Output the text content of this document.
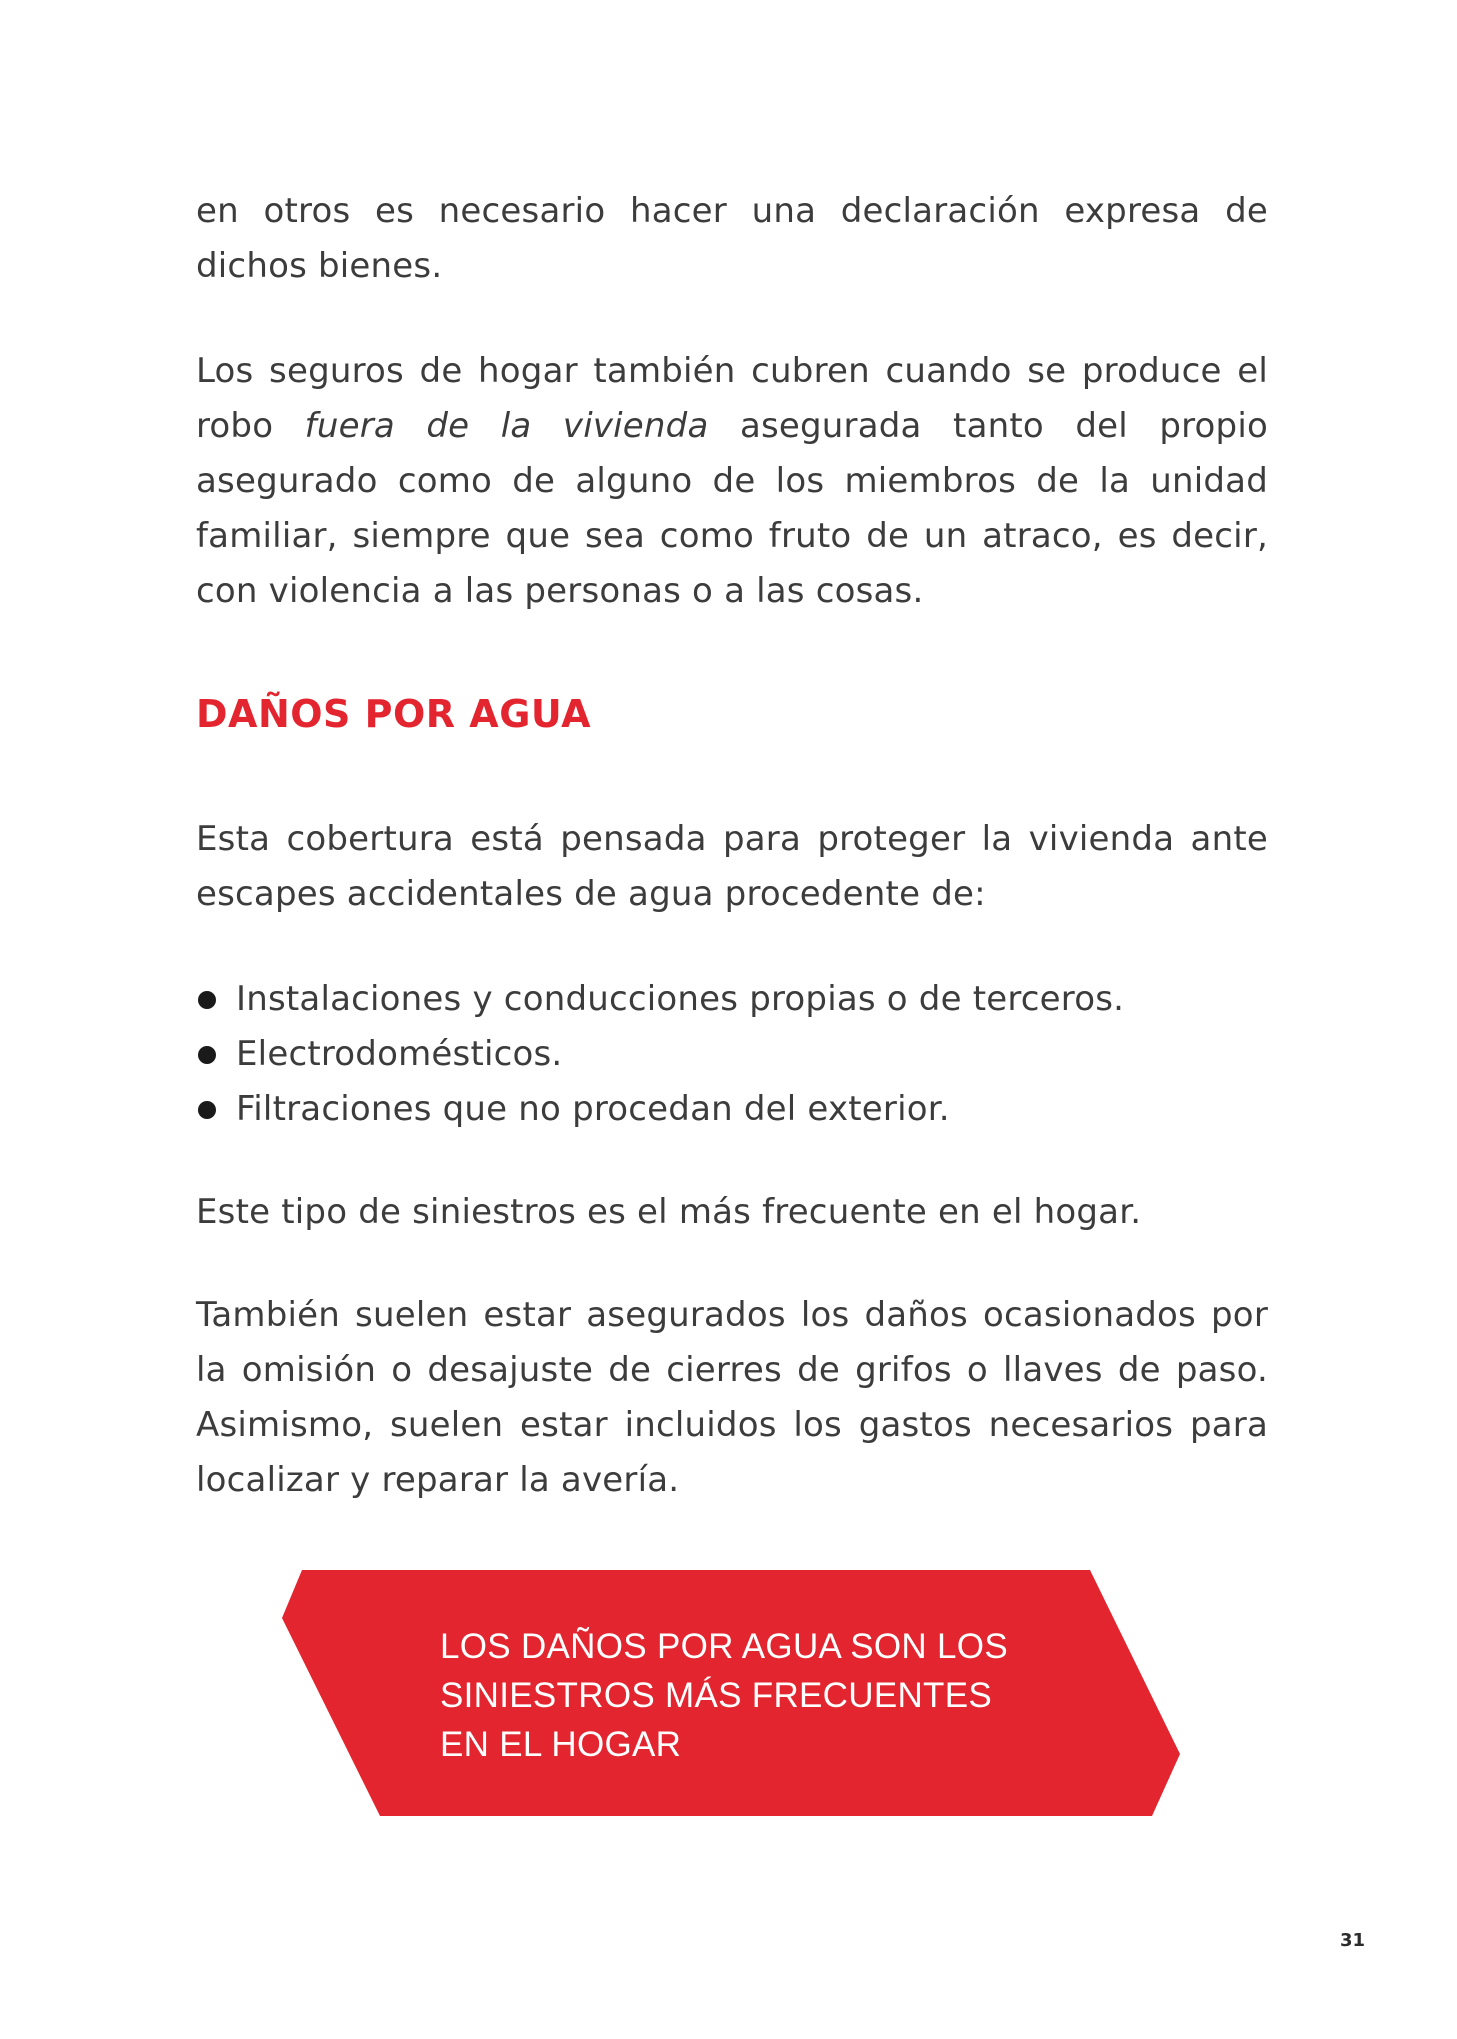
en otros es necesario hacer una declaración expresa de dichos bienes.

Los seguros de hogar también cubren cuando se produce el robo fuera de la vivienda asegurada tanto del propio asegurado como de alguno de los miembros de la unidad familiar, siempre que sea como fruto de un atraco, es decir, con violencia a las personas o a las cosas.

DAÑOS POR AGUA

Esta cobertura está pensada para proteger la vivienda ante escapes accidentales de agua procedente de:

Instalaciones y conducciones propias o de terceros.
Electrodomésticos.
Filtraciones que no procedan del exterior.

Este tipo de siniestros es el más frecuente en el hogar.

También suelen estar asegurados los daños ocasionados por la omisión o desajuste de cierres de grifos o llaves de paso. Asimismo, suelen estar incluidos los gastos necesarios para localizar y reparar la avería.

LOS DAÑOS POR AGUA SON LOS
SINIESTROS MÁS FRECUENTES
EN EL HOGAR
31
